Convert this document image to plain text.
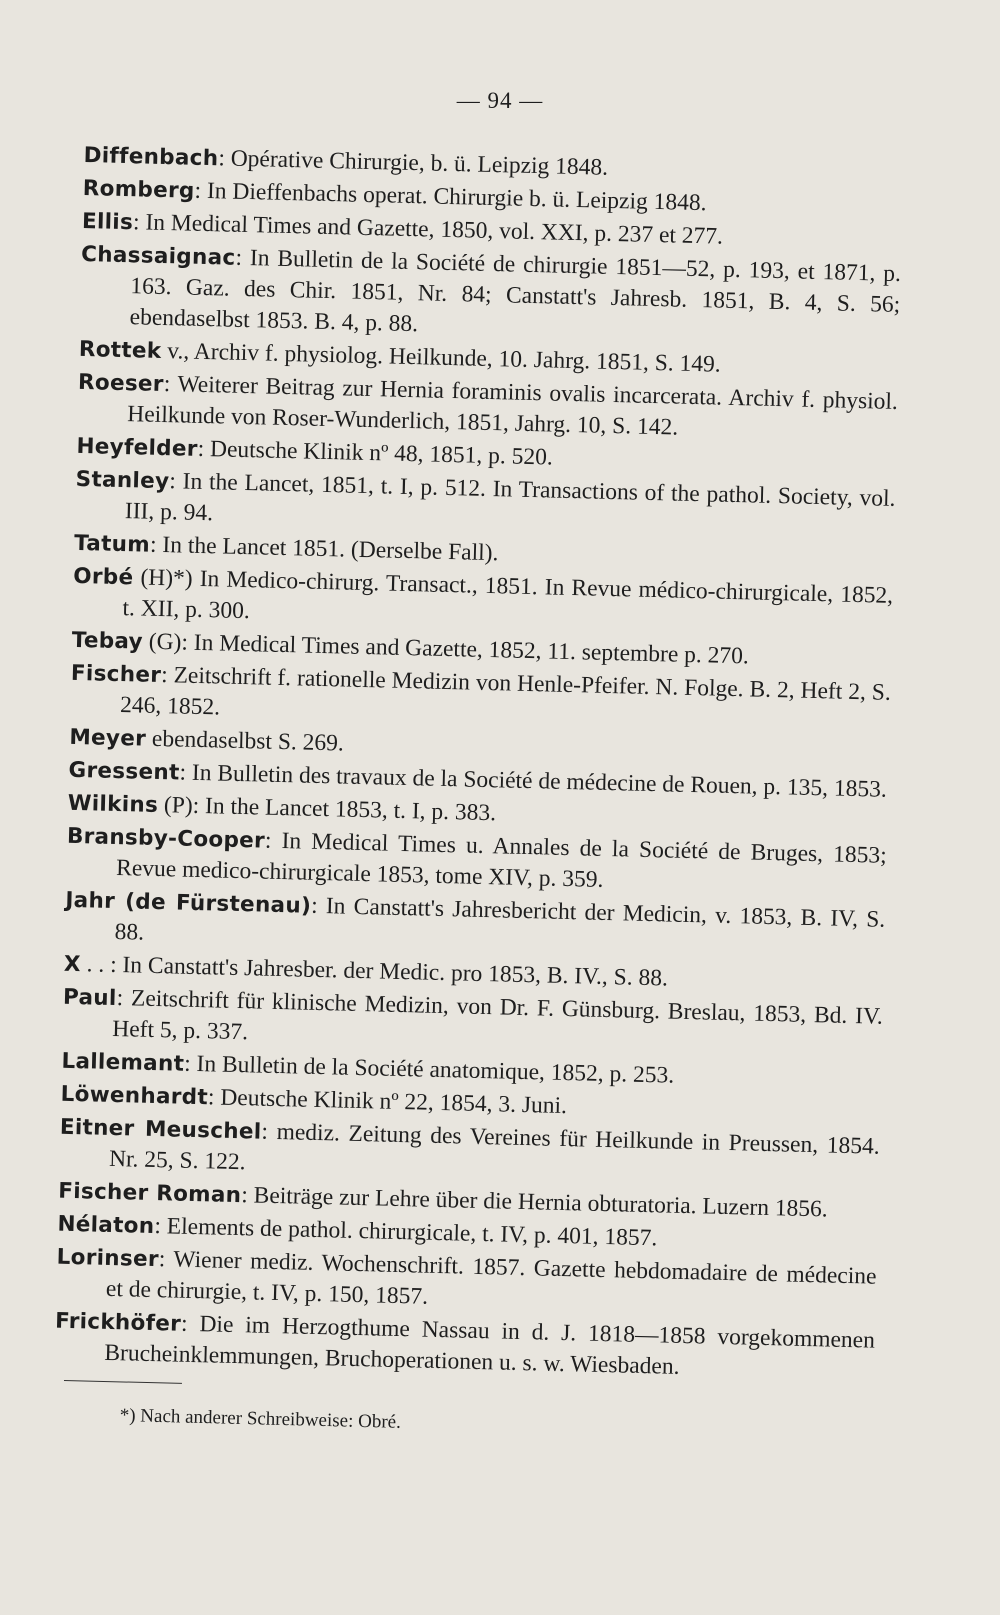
— 94 —

Diffenbach: Opérative Chirurgie, b. ü. Leipzig 1848.

Romberg: In Dieffenbachs operat. Chirurgie b. ü. Leipzig 1848.

Ellis: In Medical Times and Gazette, 1850, vol. XXI, p. 237 et 277.

Chassaignac: In Bulletin de la Société de chirurgie 1851—52, p. 193, et 1871, p. 163. Gaz. des Chir. 1851, Nr. 84; Canstatt's Jahresb. 1851, B. 4, S. 56; ebendaselbst 1853. B. 4, p. 88.

Rottek v., Archiv f. physiolog. Heilkunde, 10. Jahrg. 1851, S. 149.

Roeser: Weiterer Beitrag zur Hernia foraminis ovalis incarcerata. Archiv f. physiol. Heilkunde von Roser-Wunderlich, 1851, Jahrg. 10, S. 142.

Heyfelder: Deutsche Klinik nº 48, 1851, p. 520.

Stanley: In the Lancet, 1851, t. I, p. 512. In Transactions of the pathol. Society, vol. III, p. 94.

Tatum: In the Lancet 1851. (Derselbe Fall).

Orbé (H)*) In Medico-chirurg. Transact., 1851. In Revue médico-chirurgicale, 1852, t. XII, p. 300.

Tebay (G): In Medical Times and Gazette, 1852, 11. septembre p. 270.

Fischer: Zeitschrift f. rationelle Medizin von Henle-Pfeifer. N. Folge. B. 2, Heft 2, S. 246, 1852.

Meyer ebendaselbst S. 269.

Gressent: In Bulletin des travaux de la Société de médecine de Rouen, p. 135, 1853.

Wilkins (P): In the Lancet 1853, t. I, p. 383.

Bransby-Cooper: In Medical Times u. Annales de la Société de Bruges, 1853; Revue medico-chirurgicale 1853, tome XIV, p. 359.

Jahr (de Fürstenau): In Canstatt's Jahresbericht der Medicin, v. 1853, B. IV, S. 88.

X . . : In Canstatt's Jahresber. der Medic. pro 1853, B. IV., S. 88.

Paul: Zeitschrift für klinische Medizin, von Dr. F. Günsburg. Breslau, 1853, Bd. IV. Heft 5, p. 337.

Lallemant: In Bulletin de la Société anatomique, 1852, p. 253.

Löwenhardt: Deutsche Klinik nº 22, 1854, 3. Juni.

Eitner Meuschel: mediz. Zeitung des Vereines für Heilkunde in Preussen, 1854. Nr. 25, S. 122.

Fischer Roman: Beiträge zur Lehre über die Hernia obturatoria. Luzern 1856.

Nélaton: Elements de pathol. chirurgicale, t. IV, p. 401, 1857.

Lorinser: Wiener mediz. Wochenschrift. 1857. Gazette hebdomadaire de médecine et de chirurgie, t. IV, p. 150, 1857.

Frickhöfer: Die im Herzogthume Nassau in d. J. 1818—1858 vorgekommenen Brucheinklemmungen, Bruchoperationen u. s. w. Wiesbaden.

*) Nach anderer Schreibweise: Obré.
